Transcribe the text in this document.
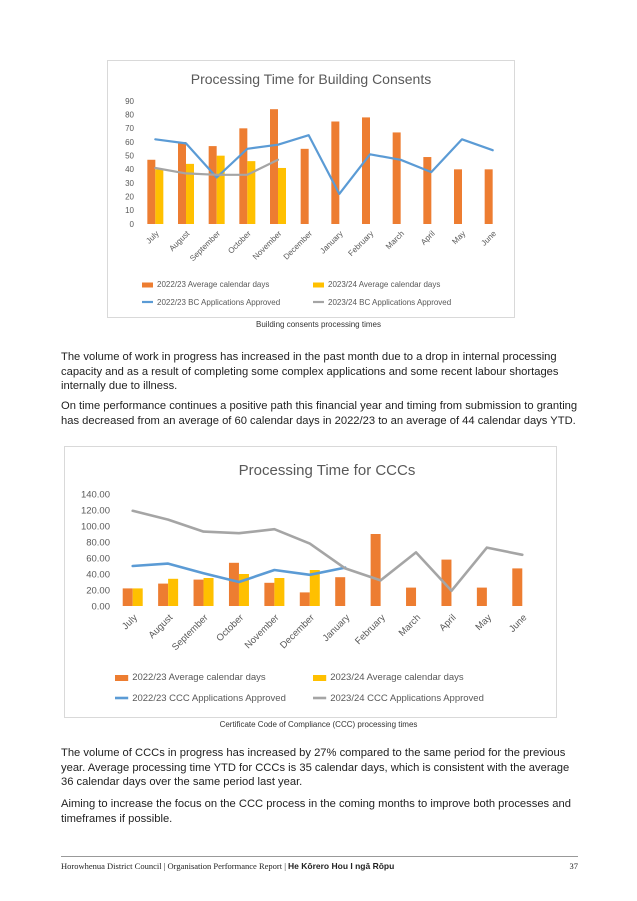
Processing Time for Building Consents
0
10
20
30
40
50
60
70
80
90
July August
September October
November
December January February March April May June
2022/23 Average calendar days	2023/24 Average calendar days
2022/23 BC Applications Approved	2023/24 BC Applications Approved
Building consents processing times

The volume of work in progress has increased in the past month due to a drop in internal processing capacity and as a result of completing some complex applications and some recent labour shortages internally due to illness.

On time performance continues a positive path this financial year and timing from submission to granting has decreased from an average of 60 calendar days in 2022/23 to an average of 44 calendar days YTD.

Processing Time for CCCs
0.00
20.00
40.00
60.00
80.00
100.00
120.00
140.00
July August
September October
November
December January February March April May June
2022/23 Average calendar days	2023/24 Average calendar days
2022/23 CCC Applications Approved	2023/24 CCC Applications Approved
Certificate Code of Compliance (CCC) processing times

The volume of CCCs in progress has increased by 27% compared to the same period for the previous year. Average processing time YTD for CCCs is 35 calendar days, which is consistent with the average 36 calendar days over the same period last year.

Aiming to increase the focus on the CCC process in the coming months to improve both processes and timeframes if possible.

Horowhenua District Council | Organisation Performance Report | He Kōrero Hou I ngā Rōpu	37
